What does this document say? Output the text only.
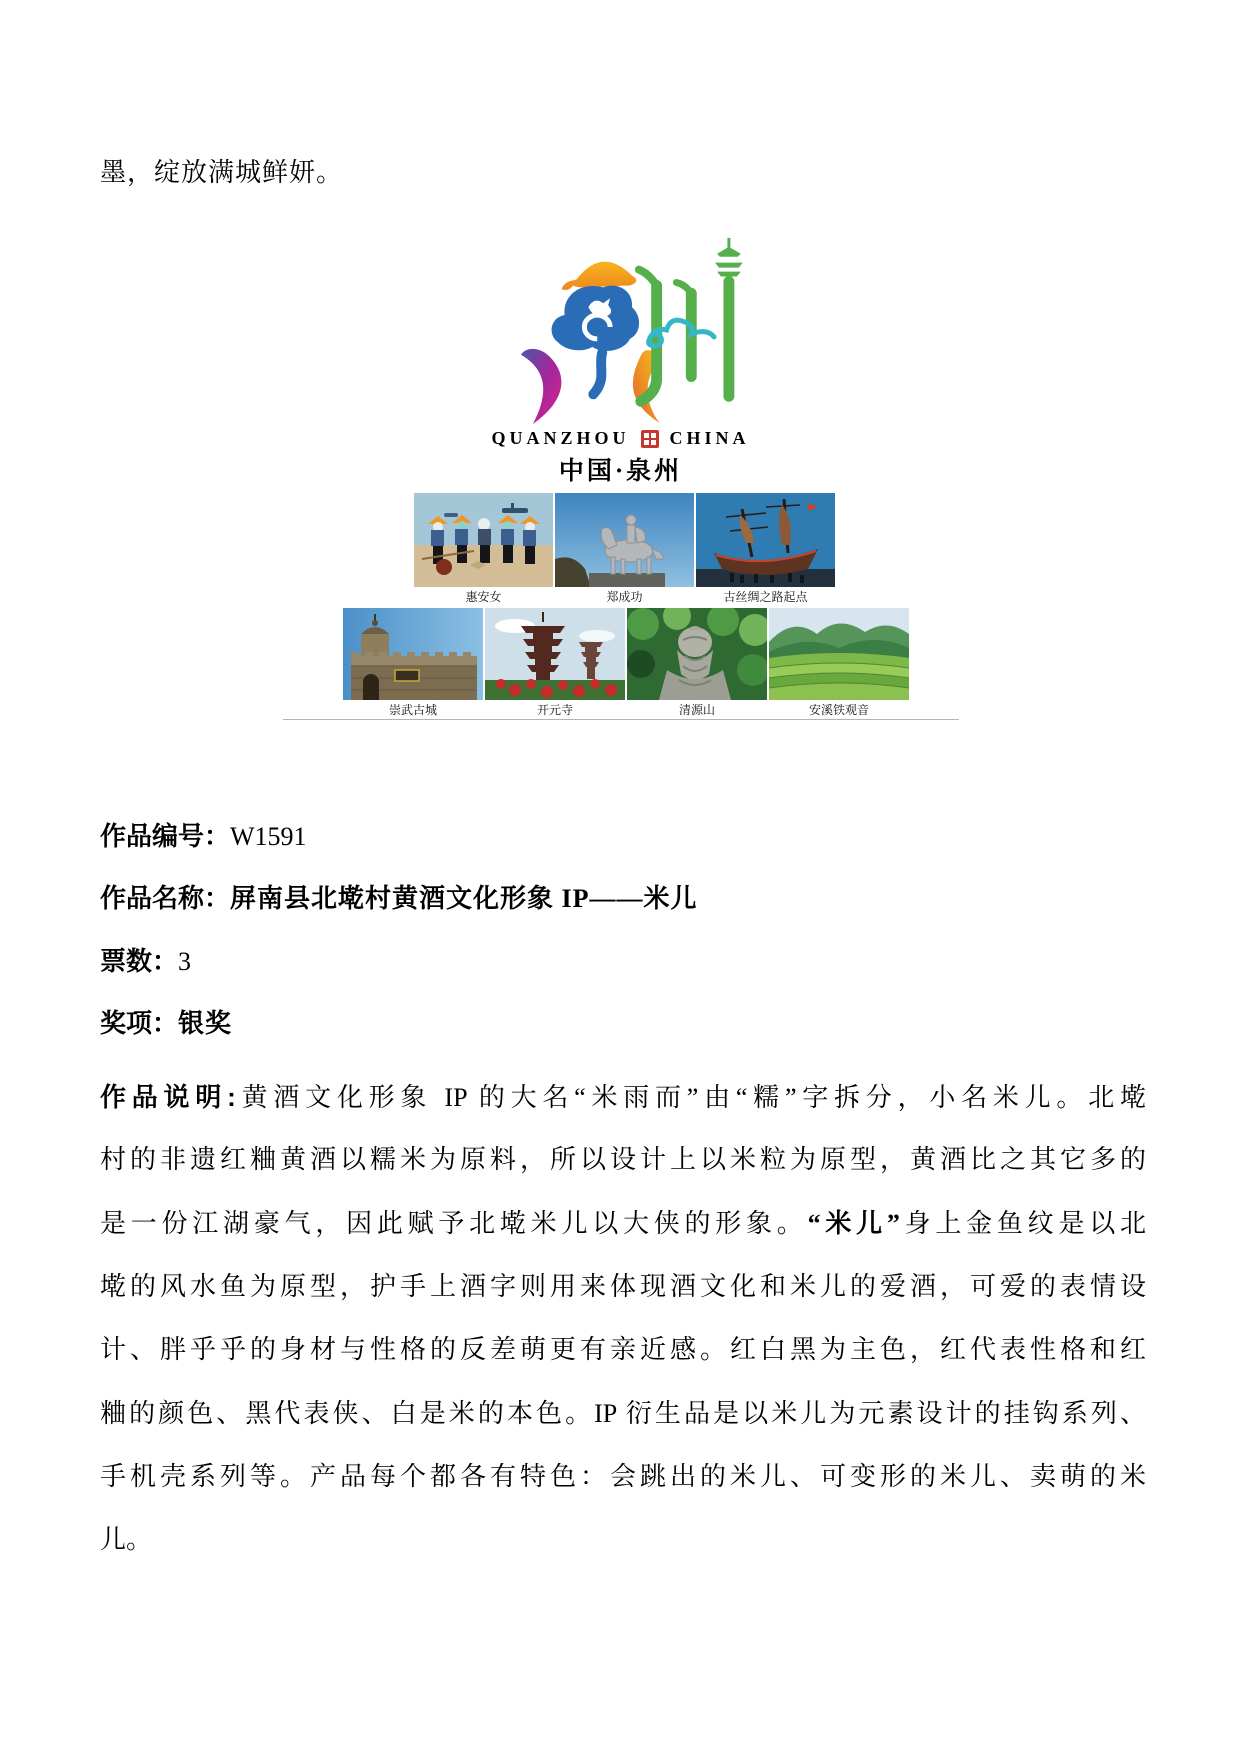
墨，绽放满城鲜妍。
QUANZHOU CHINA
中国·泉州
惠安女	郑成功	古丝绸之路起点
崇武古城	开元寺	清源山	安溪铁观音
作品编号：W1591
作品名称：屏南县北墘村黄酒文化形象 IP——米儿
票数：3
奖项：银奖
作品说明:黄酒文化形象 IP 的大名“米雨而”由“糯”字拆分，小名米儿。北墘
村的非遗红粬黄酒以糯米为原料，所以设计上以米粒为原型，黄酒比之其它多的
是一份江湖豪气，因此赋予北墘米儿以大侠的形象。“米儿”身上金鱼纹是以北
墘的风水鱼为原型，护手上酒字则用来体现酒文化和米儿的爱酒，可爱的表情设
计、胖乎乎的身材与性格的反差萌更有亲近感。红白黑为主色，红代表性格和红
粬的颜色、黑代表侠、白是米的本色。IP 衍生品是以米儿为元素设计的挂钩系列、
手机壳系列等。产品每个都各有特色：会跳出的米儿、可变形的米儿、卖萌的米
儿。
